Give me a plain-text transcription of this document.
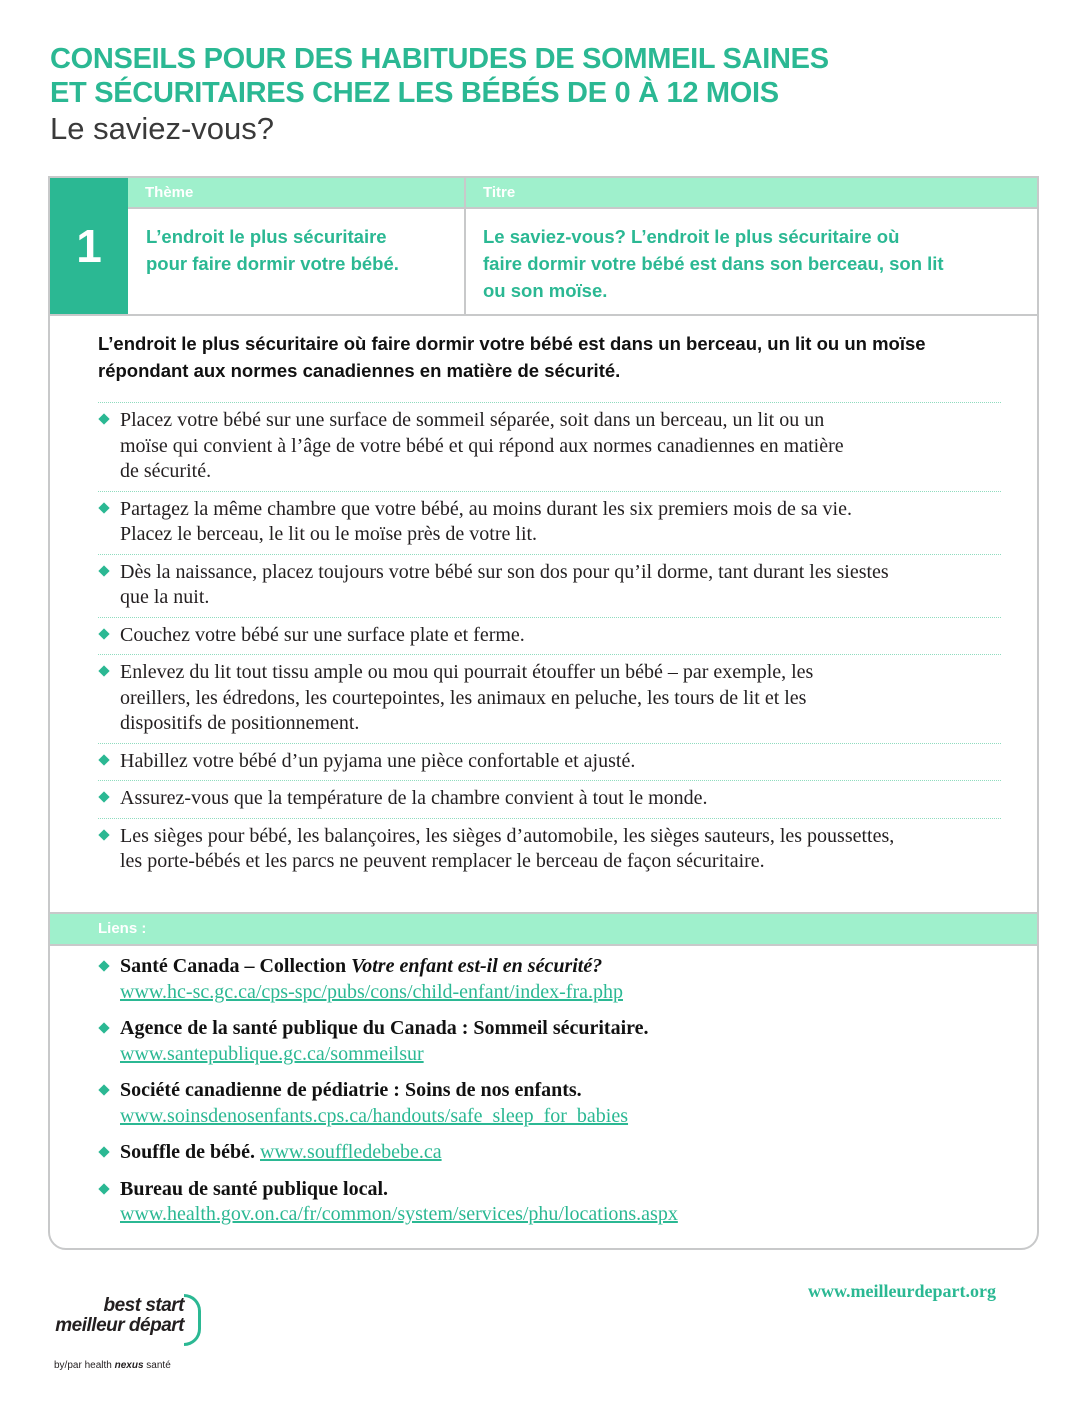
CONSEILS POUR DES HABITUDES DE SOMMEIL SAINES
ET SÉCURITAIRES CHEZ LES BÉBÉS DE 0 À 12 MOIS
Le saviez-vous?
1
Thème	Titre
L’endroit le plus sécuritaire
pour faire dormir votre bébé.
Le saviez-vous? L’endroit le plus sécuritaire où
faire dormir votre bébé est dans son berceau, son lit
ou son moïse.
L’endroit le plus sécuritaire où faire dormir votre bébé est dans un berceau, un lit ou un moïse
répondant aux normes canadiennes en matière de sécurité.
Placez votre bébé sur une surface de sommeil séparée, soit dans un berceau, un lit ou un
moïse qui convient à l’âge de votre bébé et qui répond aux normes canadiennes en matière
de sécurité.
Partagez la même chambre que votre bébé, au moins durant les six premiers mois de sa vie.
Placez le berceau, le lit ou le moïse près de votre lit.
Dès la naissance, placez toujours votre bébé sur son dos pour qu’il dorme, tant durant les siestes
que la nuit.
Couchez votre bébé sur une surface plate et ferme.
Enlevez du lit tout tissu ample ou mou qui pourrait étouffer un bébé – par exemple, les
oreillers, les édredons, les courtepointes, les animaux en peluche, les tours de lit et les
dispositifs de positionnement.
Habillez votre bébé d’un pyjama une pièce confortable et ajusté.
Assurez-vous que la température de la chambre convient à tout le monde.
Les sièges pour bébé, les balançoires, les sièges d’automobile, les sièges sauteurs, les poussettes,
les porte-bébés et les parcs ne peuvent remplacer le berceau de façon sécuritaire.
Liens :
Santé Canada – Collection Votre enfant est-il en sécurité?
www.hc-sc.gc.ca/cps-spc/pubs/cons/child-enfant/index-fra.php
Agence de la santé publique du Canada : Sommeil sécuritaire.
www.santepublique.gc.ca/sommeilsur
Société canadienne de pédiatrie : Soins de nos enfants.
www.soinsdenosenfants.cps.ca/handouts/safe_sleep_for_babies
Souffle de bébé. www.souffledebebe.ca
Bureau de santé publique local.
www.health.gov.on.ca/fr/common/system/services/phu/locations.aspx
best start
meilleur départ
by/par health nexus santé
www.meilleurdepart.org
